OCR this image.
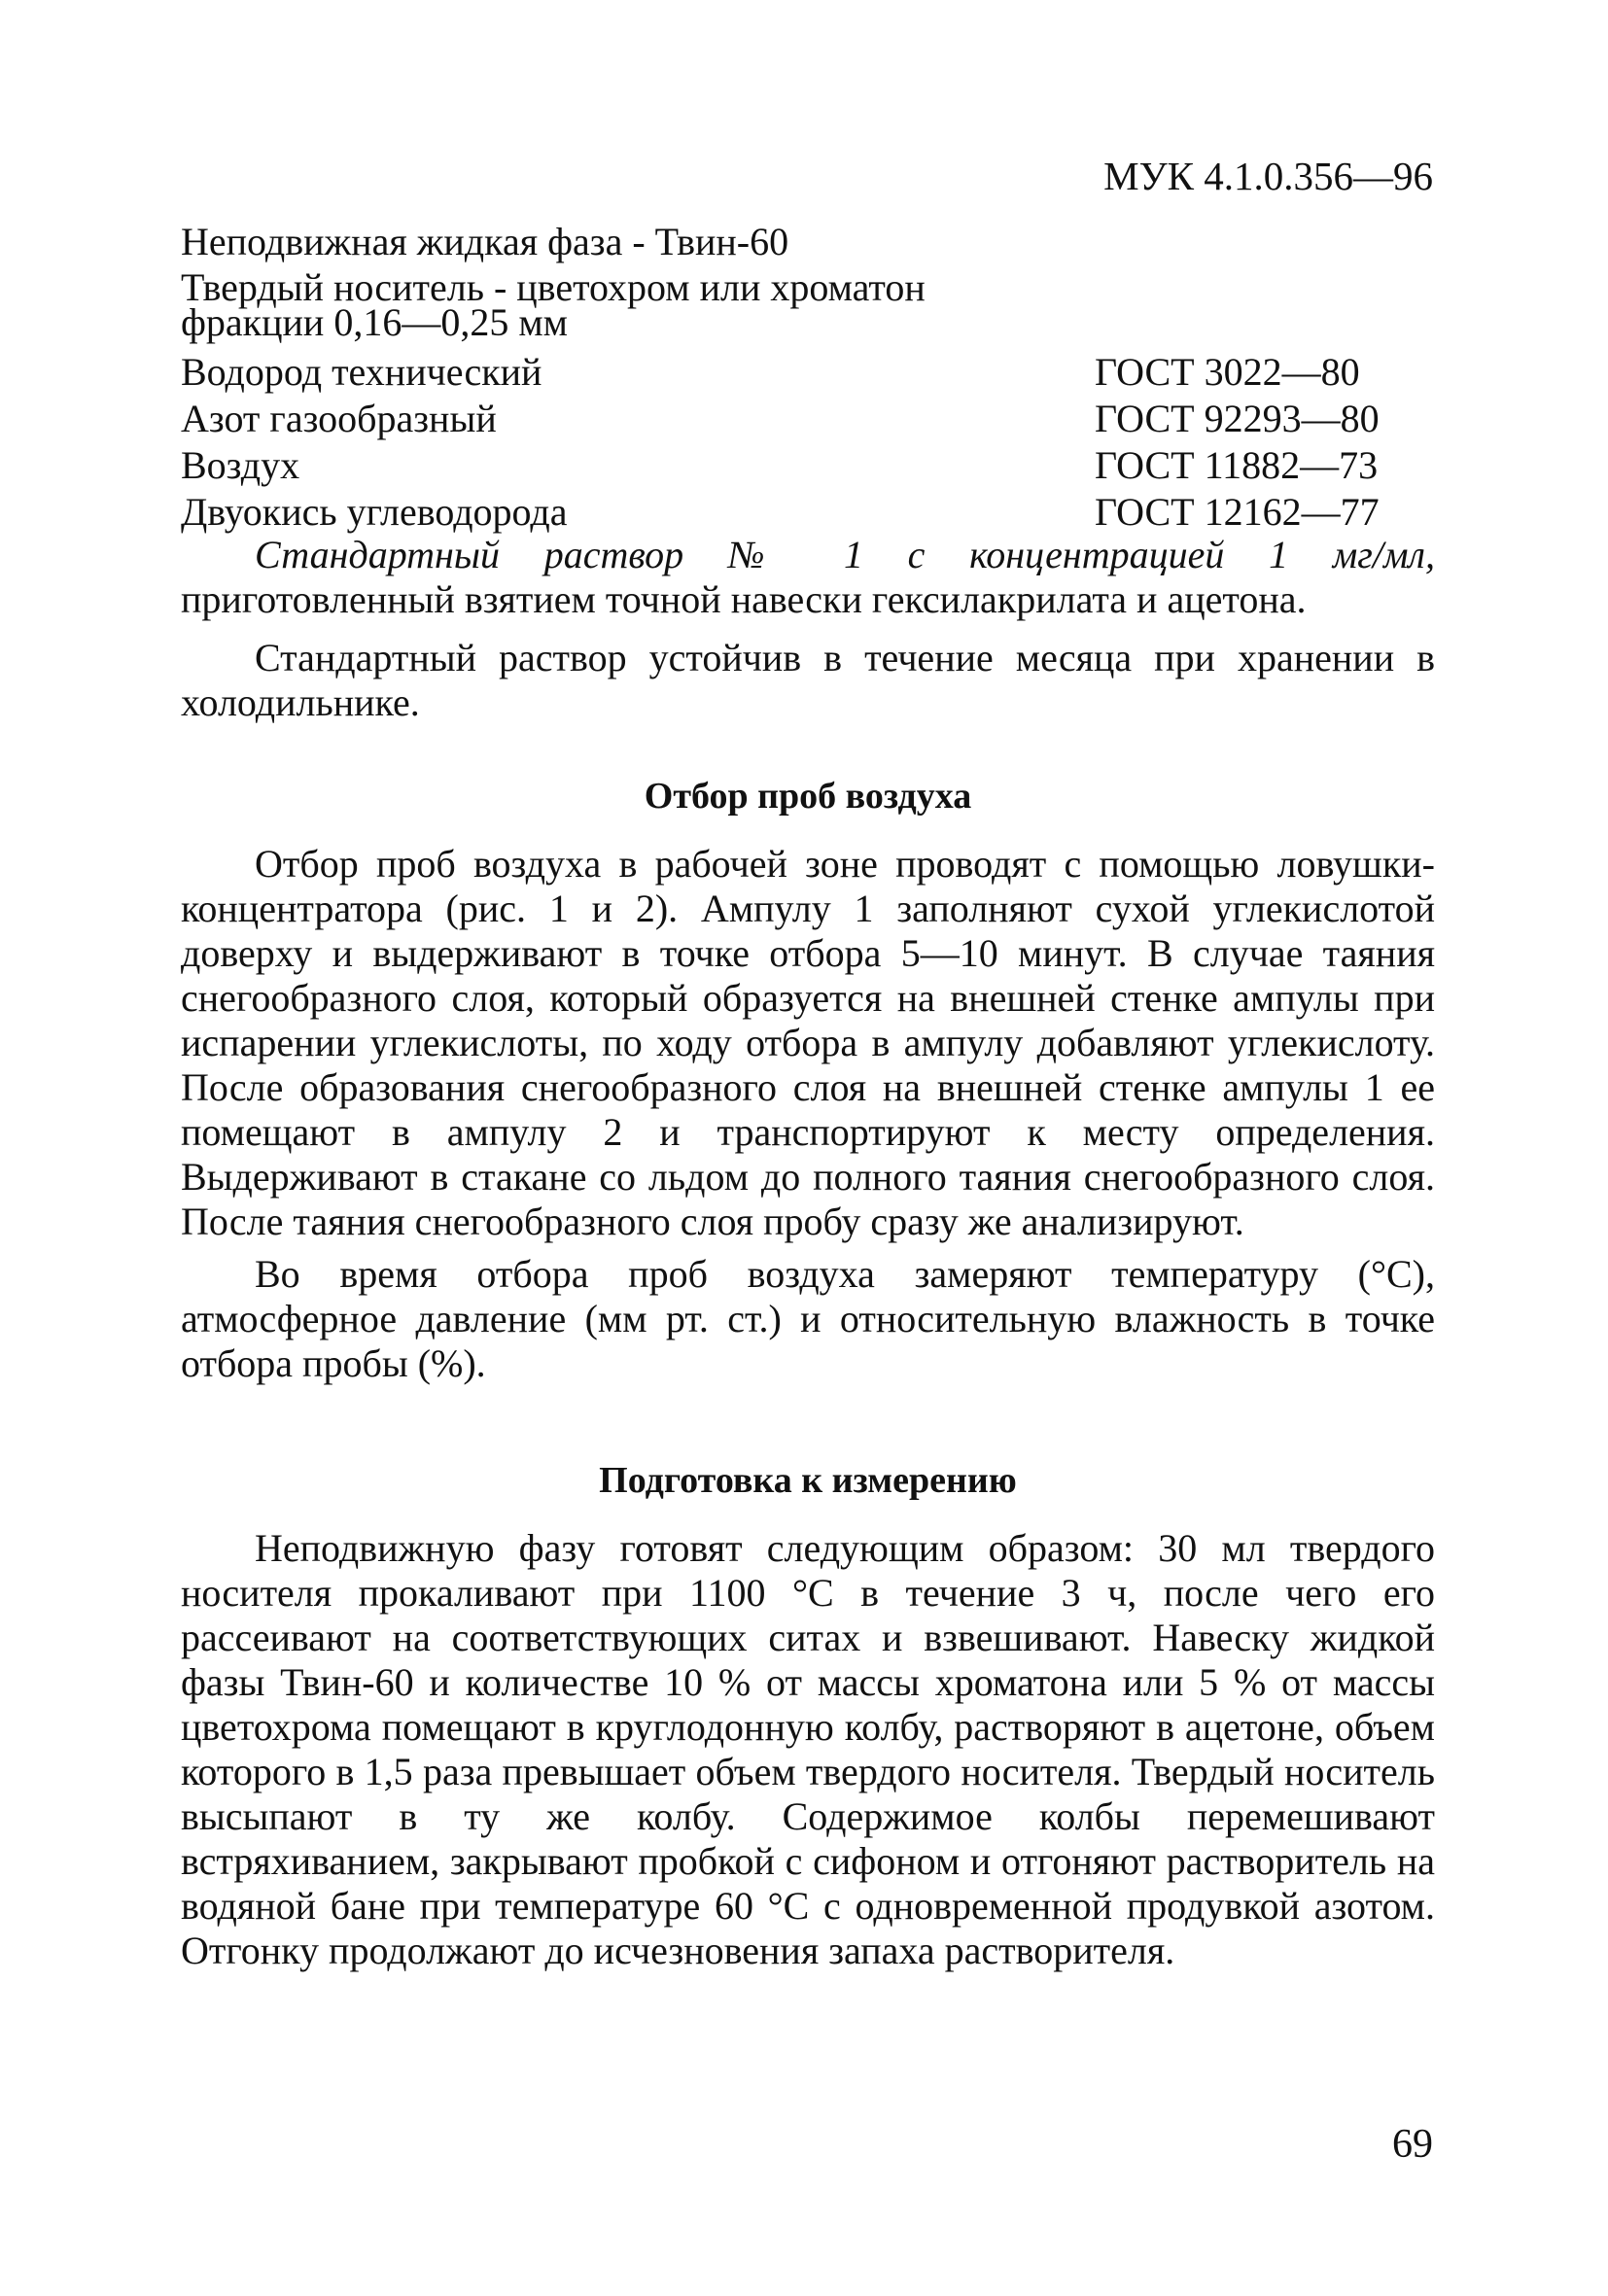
МУК 4.1.0.356—96
Неподвижная жидкая фаза - Твин-60
Твердый носитель - цветохром или хроматон
фракции 0,16—0,25 мм
Водород технический	ГОСТ 3022—80
Азот газообразный	ГОСТ 92293—80
Воздух	ГОСТ 11882—73
Двуокись углеводорода	ГОСТ 12162—77

Стандартный раствор № 1 с концентрацией 1 мг/мл, приготовленный взятием точной навески гексилакрилата и ацетона.

Стандартный раствор устойчив в течение месяца при хранении в холодильнике.

Отбор проб воздуха

Отбор проб воздуха в рабочей зоне проводят с помощью ловушки-концентратора (рис. 1 и 2). Ампулу 1 заполняют сухой углекислотой доверху и выдерживают в точке отбора 5—10 минут. В случае таяния снегообразного слоя, который образуется на внешней стенке ампулы при испарении углекислоты, по ходу отбора в ампулу добавляют углекислоту. После образования снегообразного слоя на внешней стенке ампулы 1 ее помещают в ампулу 2 и транспортируют к месту определения. Выдерживают в стакане со льдом до полного таяния снегообразного слоя. После таяния снегообразного слоя пробу сразу же анализируют.

Во время отбора проб воздуха замеряют температуру (°С), атмосферное давление (мм рт. ст.) и относительную влажность в точке отбора пробы (%).

Подготовка к измерению

Неподвижную фазу готовят следующим образом: 30 мл твердого носителя прокаливают при 1100 °С в течение 3 ч, после чего его рассеивают на соответствующих ситах и взвешивают. Навеску жидкой фазы Твин-60 и количестве 10 % от массы хроматона или 5 % от массы цветохрома помещают в круглодонную колбу, растворяют в ацетоне, объем которого в 1,5 раза превышает объем твердого носителя. Твердый носитель высыпают в ту же колбу. Содержимое колбы перемешивают встряхиванием, закрывают пробкой с сифоном и отгоняют растворитель на водяной бане при температуре 60 °С с одновременной продувкой азотом. Отгонку продолжают до исчезновения запаха растворителя.

69
